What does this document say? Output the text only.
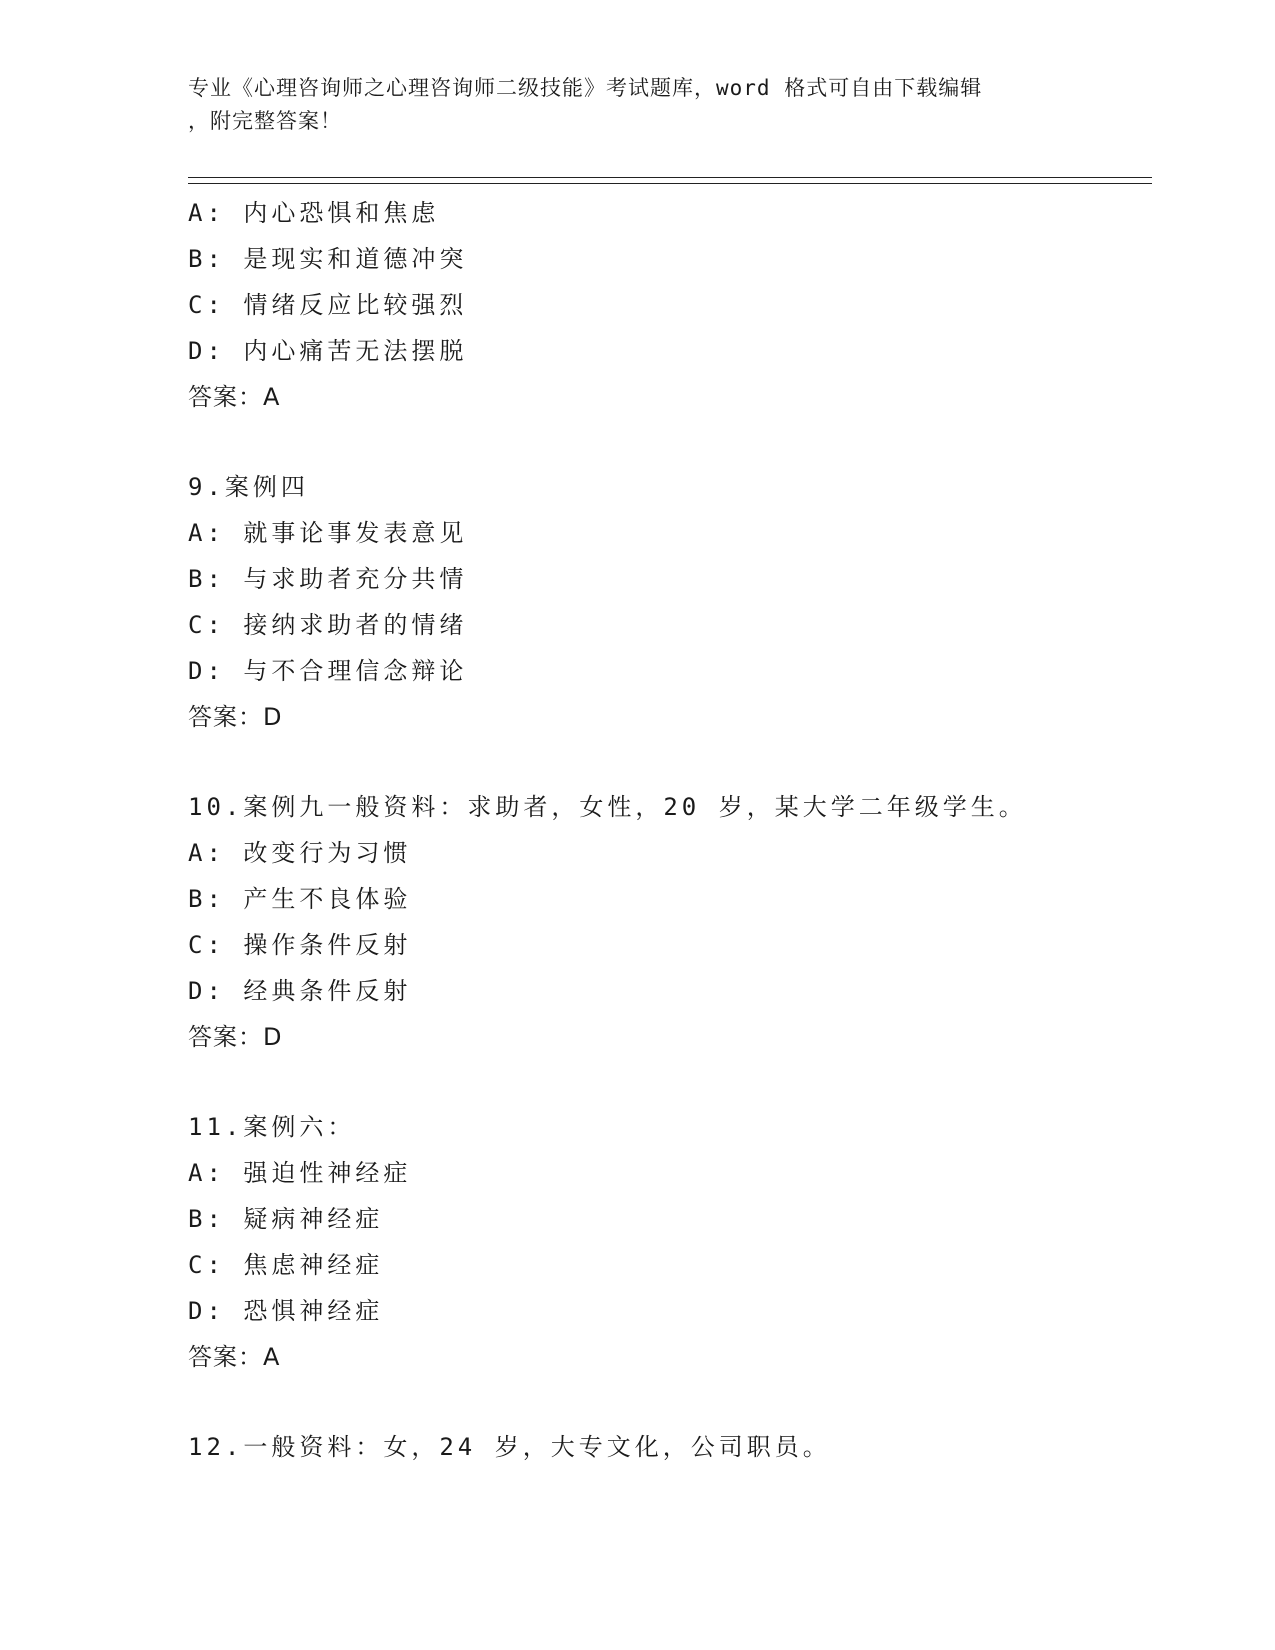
专业《心理咨询师之心理咨询师二级技能》考试题库，word 格式可自由下载编辑
，附完整答案！
A: 内心恐惧和焦虑
B: 是现实和道德冲突
C: 情绪反应比较强烈
D: 内心痛苦无法摆脱
答案：A
9.案例四
A: 就事论事发表意见
B: 与求助者充分共情
C: 接纳求助者的情绪
D: 与不合理信念辩论
答案：D
10.案例九一般资料：求助者，女性，20 岁，某大学二年级学生。
A: 改变行为习惯
B: 产生不良体验
C: 操作条件反射
D: 经典条件反射
答案：D
11.案例六：
A: 强迫性神经症
B: 疑病神经症
C: 焦虑神经症
D: 恐惧神经症
答案：A
12.一般资料：女，24 岁，大专文化，公司职员。
